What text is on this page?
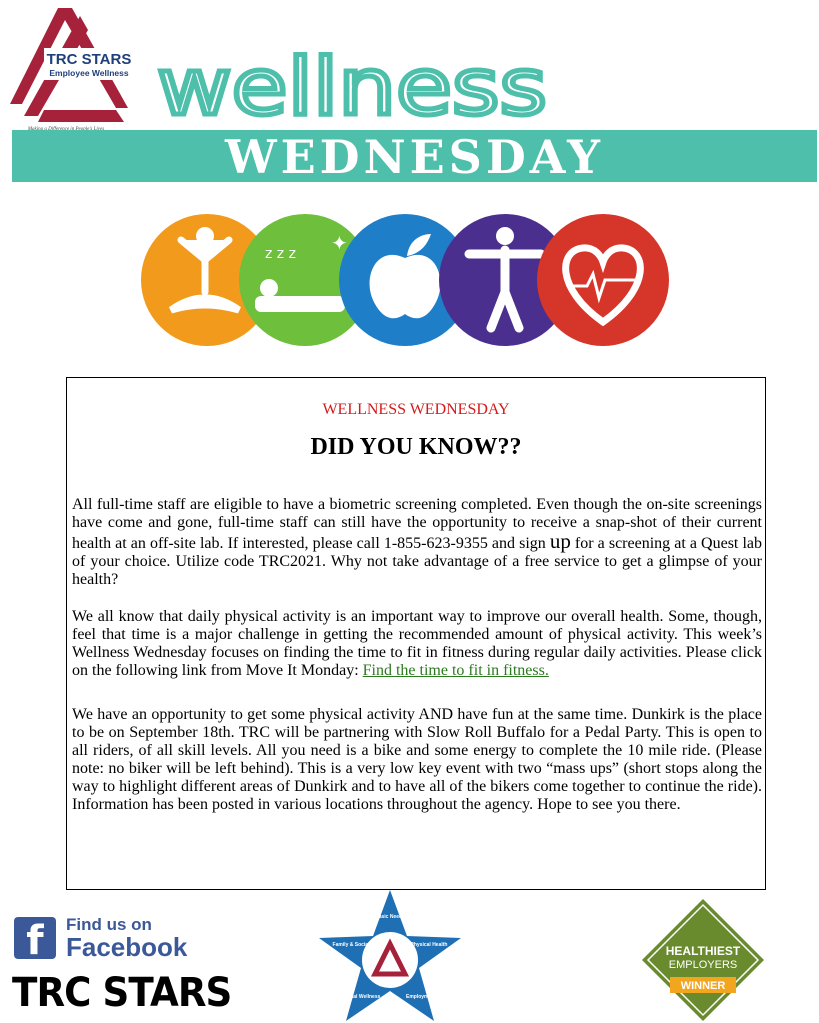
TRC STARS
Employee Wellness wellness
WEDNESDAY
z z z ✦
WELLNESS WEDNESDAY
DID YOU KNOW??
All full-time staff are eligible to have a biometric screening completed. Even though the on-site screenings have come and gone, full-time staff can still have the opportunity to receive a snap-shot of their current health at an off-site lab. If interested, please call 1-855-623-9355 and sign up for a screening at a Quest lab of your choice. Utilize code TRC2021. Why not take advantage of a free service to get a glimpse of your health?
We all know that daily physical activity is an important way to improve our overall health. Some, though, feel that time is a major challenge in getting the recommended amount of physical activity. This week’s Wellness Wednesday focuses on finding the time to fit in fitness during regular daily activities. Please click on the following link from Move It Monday: Find the time to fit in fitness.
We have an opportunity to get some physical activity AND have fun at the same time. Dunkirk is the place to be on September 18th. TRC will be partnering with Slow Roll Buffalo for a Pedal Party. This is open to all riders, of all skill levels. All you need is a bike and some energy to complete the 10 mile ride. (Please note: no biker will be left behind). This is a very low key event with two “mass ups” (short stops along the way to highlight different areas of Dunkirk and to have all of the bikers come together to continue the ride). Information has been posted in various locations throughout the agency. Hope to see you there.
f	Find us on
Facebook
TRC STARS
Basic Needs
Physical Health
Employment
Mental Wellness
Family & Social	HEALTHIEST
EMPLOYERS
WINNER
